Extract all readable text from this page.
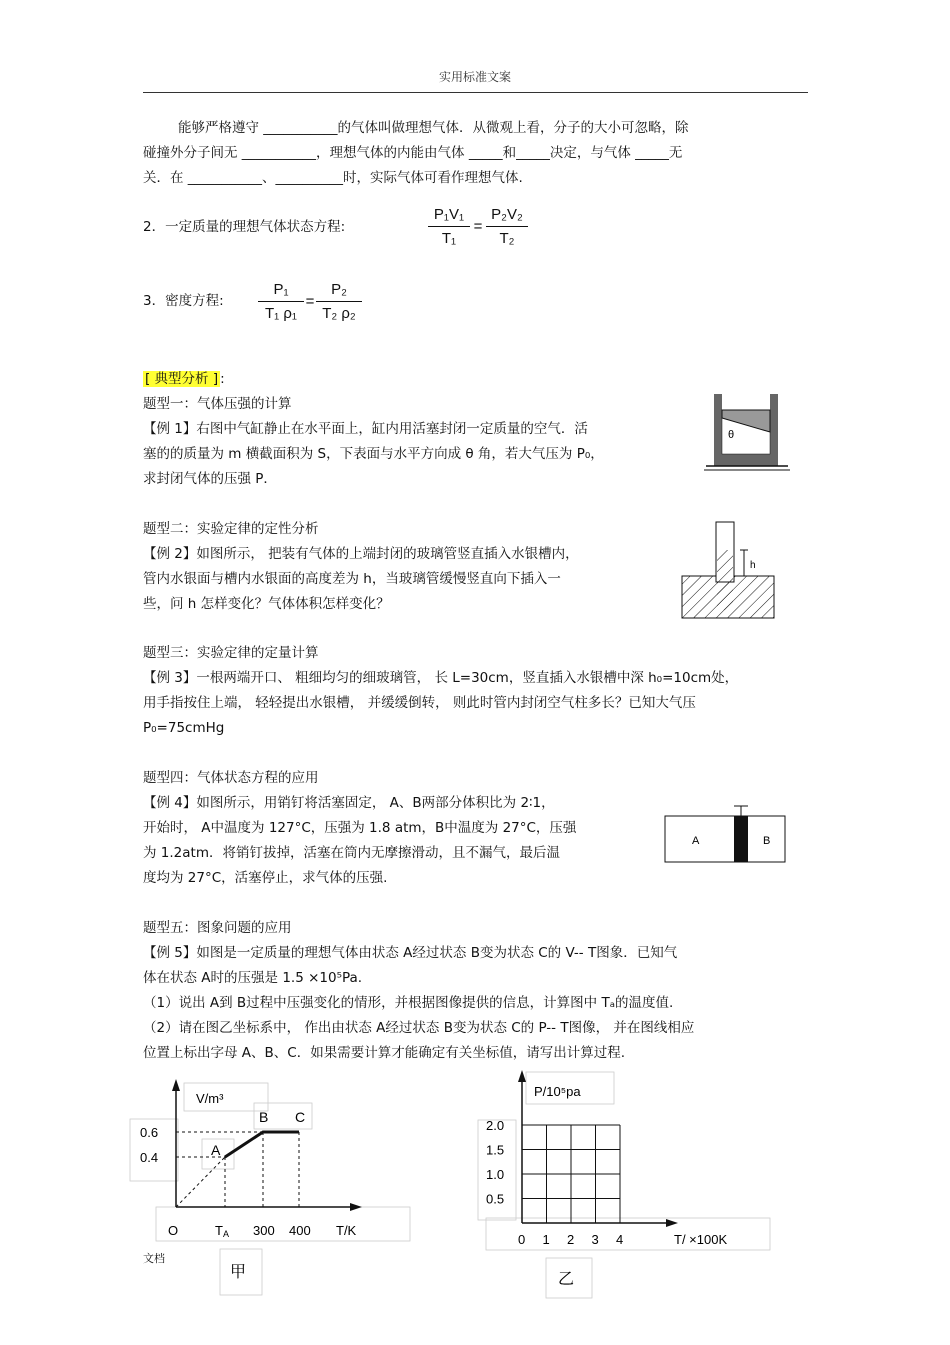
实用标准文案
能够严格遵守 ___________的气体叫做理想气体．从微观上看，分子的大小可忽略，除
碰撞外分子间无 ___________，理想气体的内能由气体 _____和_____决定，与气体 _____无
关．在 ___________、__________时，实际气体可看作理想气体.
2．一定质量的理想气体状态方程:
P₁V₁
T₁
=
P₂V₂
T₂
3．密度方程:
P₁
T₁ ρ₁
=
P₂
T₂ ρ₂
[ 典型分析 ] :
题型一：气体压强的计算
【例 1】右图中气缸静止在水平面上，缸内用活塞封闭一定质量的空气．活
塞的的质量为 m 横截面积为 S，下表面与水平方向成 θ 角，若大气压为 P₀，
求封闭气体的压强 P．
θ
题型二：实验定律的定性分析
【例 2】如图所示， 把装有气体的上端封闭的玻璃管竖直插入水银槽内，
管内水银面与槽内水银面的高度差为 h，当玻璃管缓慢竖直向下插入一
些，问 h 怎样变化？气体体积怎样变化？
h
题型三：实验定律的定量计算
【例 3】一根两端开口、 粗细均匀的细玻璃管， 长 L=30cm，竖直插入水银槽中深 h₀=10cm处，
用手指按住上端， 轻轻提出水银槽， 并缓缓倒转， 则此时管内封闭空气柱多长？已知大气压
P₀=75cmHg
题型四：气体状态方程的应用
【例 4】如图所示，用销钉将活塞固定， A、B两部分体积比为 2∶1，
开始时， A中温度为 127°C，压强为 1.8 atm，B中温度为 27°C，压强
为 1.2atm．将销钉拔掉，活塞在筒内无摩擦滑动，且不漏气，最后温
度均为 27°C，活塞停止，求气体的压强.
A	B
题型五：图象问题的应用
【例 5】如图是一定质量的理想气体由状态 A经过状态 B变为状态 C的 V-- T图象．已知气
体在状态 A时的压强是 1.5 ×10⁵Pa.
（1）说出 A到 B过程中压强变化的情形，并根据图像提供的信息，计算图中 Tₐ的温度值.
（2）请在图乙坐标系中， 作出由状态 A经过状态 B变为状态 C的 P-- T图像， 并在图线相应
位置上标出字母 A、B、C．如果需要计算才能确定有关坐标值，请写出计算过程.
0.4
0.6
TA 300 400
A
B C
V/m³
T/K
O
甲
0.5
1.0
1.5
2.0
0 1 2 3 4
P/10⁵pa
T/ ×100K
乙
文档
